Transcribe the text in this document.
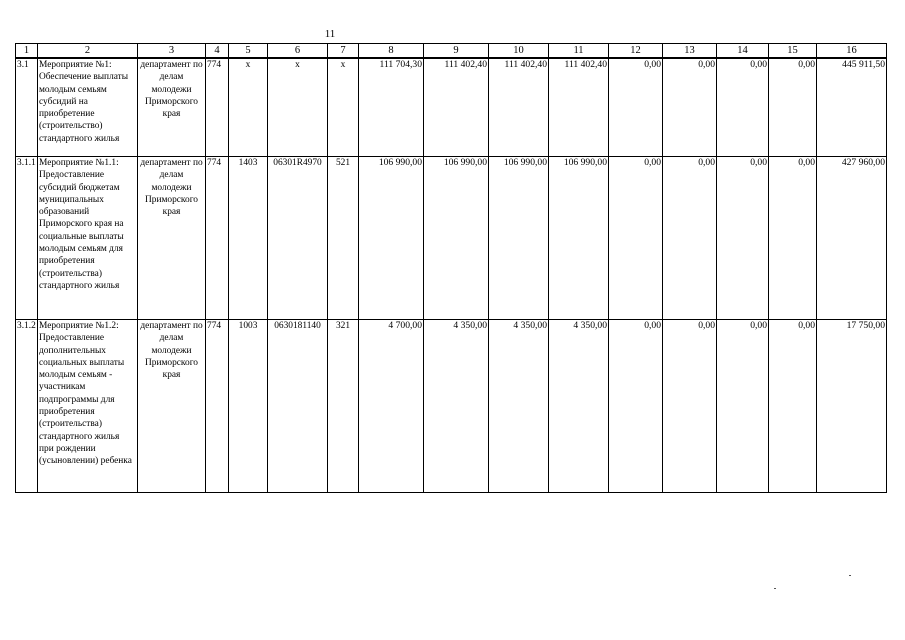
11
1	2	3	4	5	6	7	8	9	10	11	12	13	14	15	16
3.1	Мероприятие №1: Обеспечение выплаты молодым семьям субсидий на приобретение (строительство) стандартного жилья	департамент по делам молодежи Приморского края	774	х	х	х	111 704,30	111 402,40	111 402,40	111 402,40	0,00	0,00	0,00	0,00	445 911,50
3.1.1	Мероприятие №1.1: Предоставление субсидий бюджетам муниципальных образований Приморского края на социальные выплаты молодым семьям для приобретения (строительства) стандартного жилья	департамент по делам молодежи Приморского края	774	1403	06301R4970	521	106 990,00	106 990,00	106 990,00	106 990,00	0,00	0,00	0,00	0,00	427 960,00
3.1.2	Мероприятие №1.2: Предоставление дополнительных социальных выплаты молодым семьям - участникам подпрограммы для приобретения (строительства) стандартного жилья при рождении (усыновлении) ребенка	департамент по делам молодежи Приморского края	774	1003	0630181140	321	4 700,00	4 350,00	4 350,00	4 350,00	0,00	0,00	0,00	0,00	17 750,00
